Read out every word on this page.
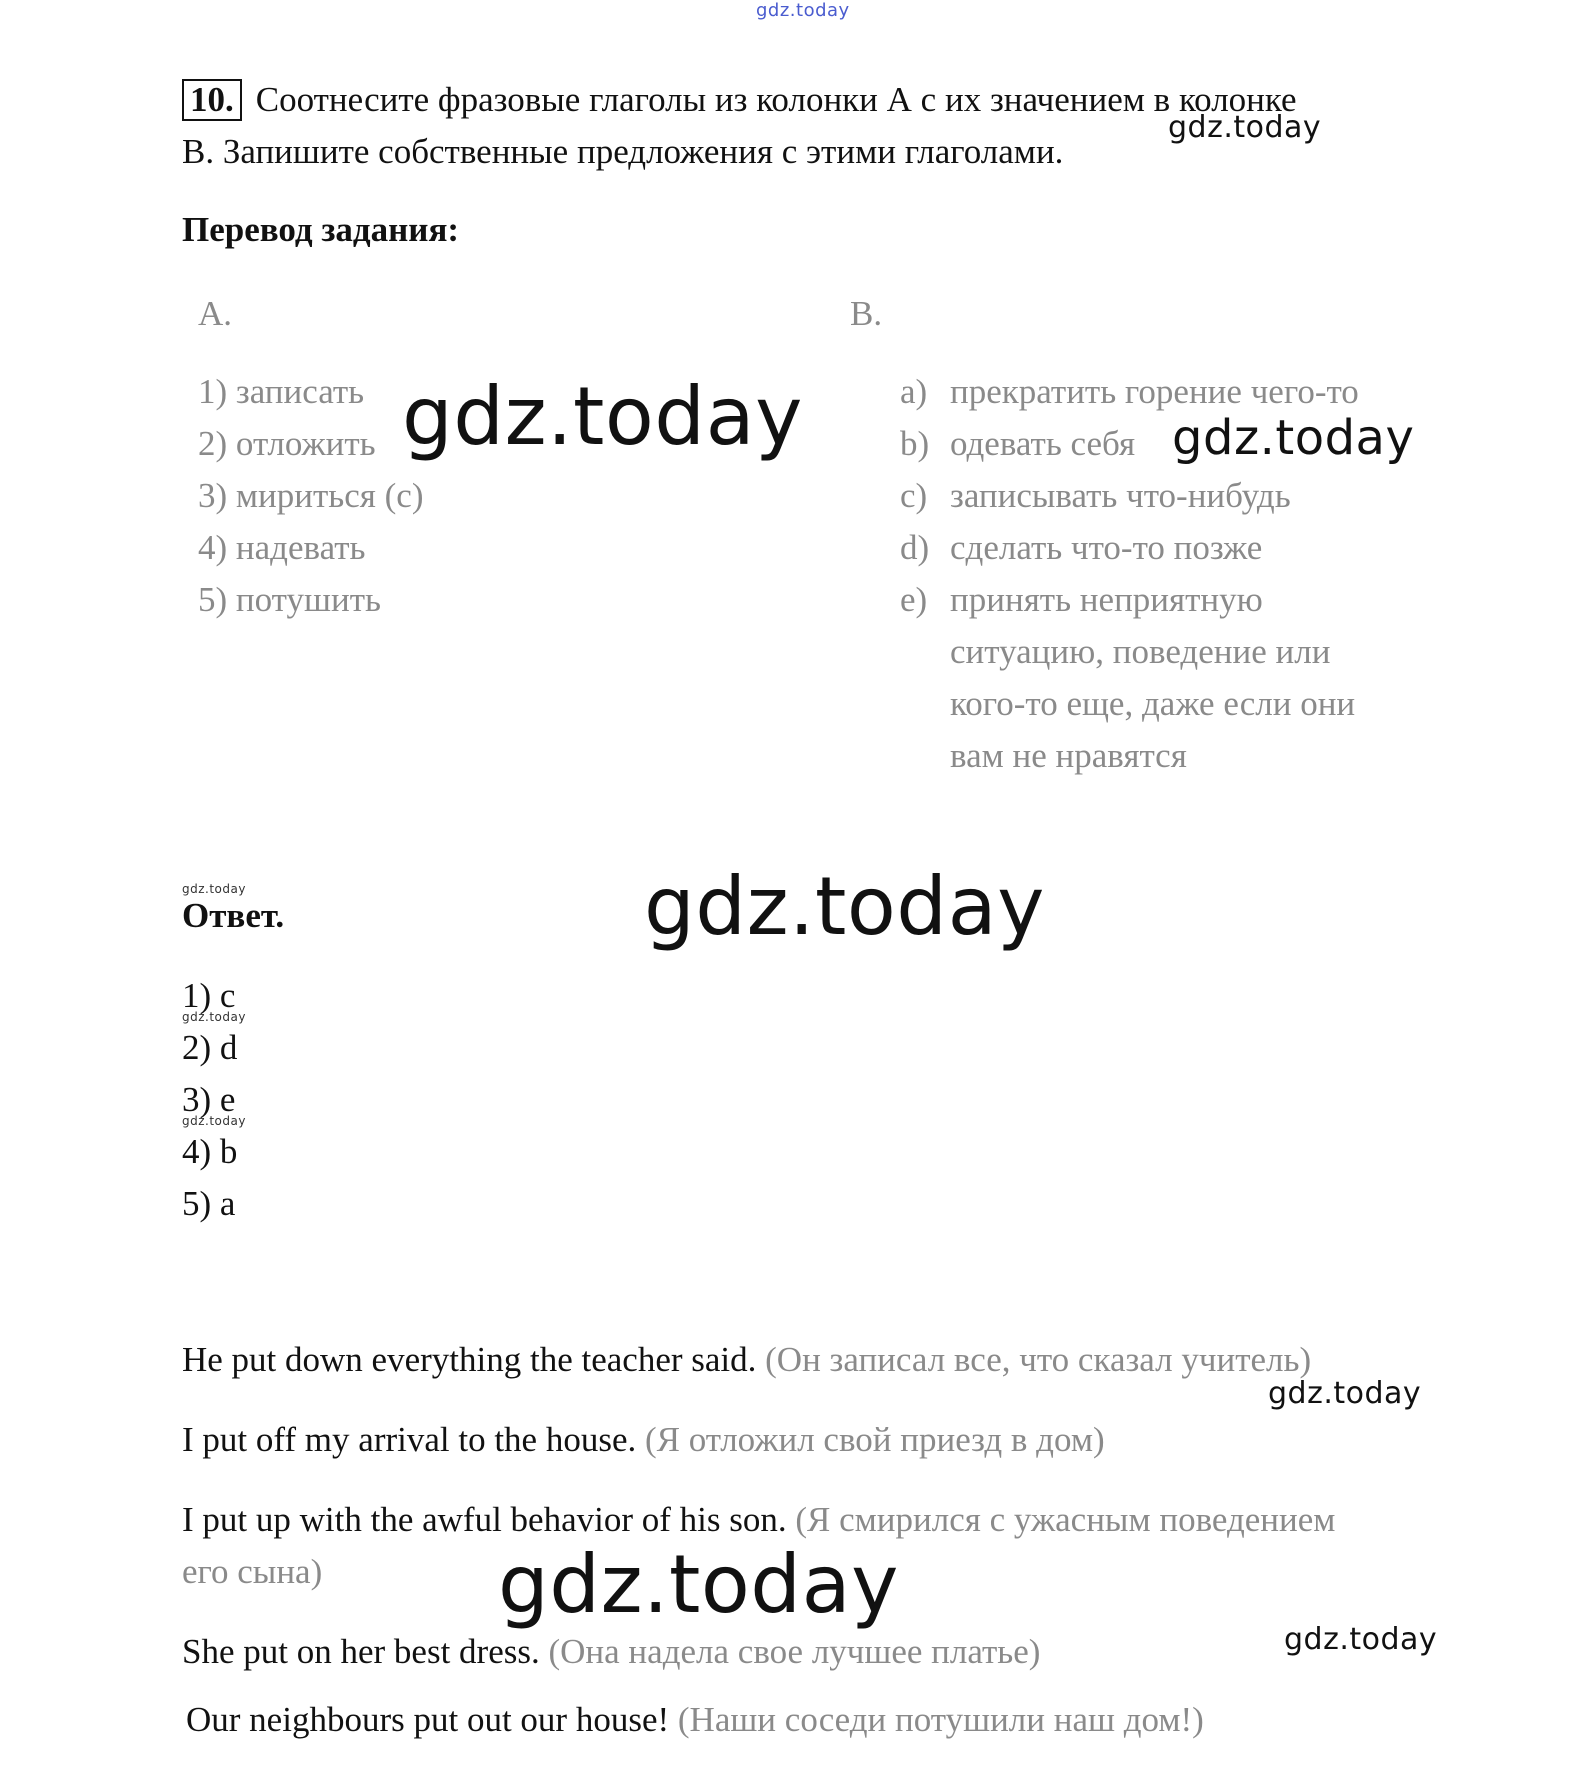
gdz.today
10. Соотнесите фразовые глаголы из колонки А с их значением в колонке
В. Запишите собственные предложения с этими глаголами.
gdz.today
Перевод задания:
A.
1) записать
2) отложить
3) мириться (с)
4) надевать
5) потушить
B.
a) прекратить горение чего-то
b) одевать себя
c) записывать что-нибудь
d) сделать что-то позже
e) принять неприятную
ситуацию, поведение или
кого-то еще, даже если они
вам не нравятся
gdz.today	gdz.today
gdz.today
Ответ.	gdz.today
1) c
2) d
3) e
4) b
5) a
gdz.today
gdz.today
He put down everything the teacher said. (Он записал все, что сказал учитель)
gdz.today
I put off my arrival to the house. (Я отложил свой приезд в дом)
I put up with the awful behavior of his son. (Я смирился с ужасным поведением
его сына) gdz.today
She put on her best dress. (Она надела свое лучшее платье)	gdz.today
Our neighbours put out our house! (Наши соседи потушили наш дом!)
